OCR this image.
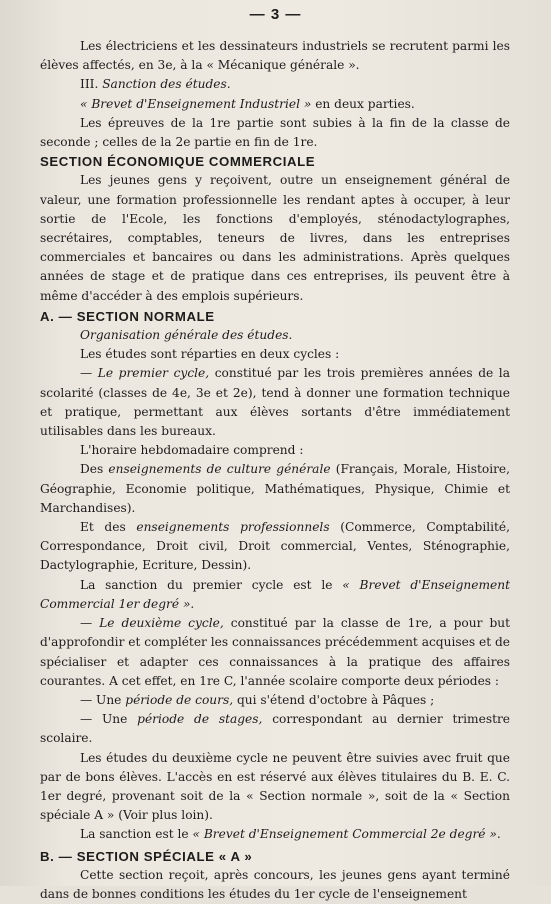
— 3 —

Les électriciens et les dessinateurs industriels se recrutent parmi les élèves affectés, en 3e, à la « Mécanique générale ».

III. Sanction des études.

« Brevet d'Enseignement Industriel » en deux parties.

Les épreuves de la 1re partie sont subies à la fin de la classe de seconde ; celles de la 2e partie en fin de 1re.

SECTION ÉCONOMIQUE COMMERCIALE

Les jeunes gens y reçoivent, outre un enseignement général de valeur, une formation professionnelle les rendant aptes à occuper, à leur sortie de l'Ecole, les fonctions d'employés, sténodactylographes, secrétaires, comptables, teneurs de livres, dans les entreprises commerciales et bancaires ou dans les administrations. Après quelques années de stage et de pratique dans ces entreprises, ils peuvent être à même d'accéder à des emplois supérieurs.

A. — SECTION NORMALE

Organisation générale des études.

Les études sont réparties en deux cycles :

— Le premier cycle, constitué par les trois premières années de la scolarité (classes de 4e, 3e et 2e), tend à donner une formation technique et pratique, permettant aux élèves sortants d'être immédiatement utilisables dans les bureaux.

L'horaire hebdomadaire comprend :

Des enseignements de culture générale (Français, Morale, Histoire, Géographie, Economie politique, Mathématiques, Physique, Chimie et Marchandises).

Et des enseignements professionnels (Commerce, Comptabilité, Correspondance, Droit civil, Droit commercial, Ventes, Sténographie, Dactylographie, Ecriture, Dessin).

La sanction du premier cycle est le « Brevet d'Enseignement Commercial 1er degré ».

— Le deuxième cycle, constitué par la classe de 1re, a pour but d'approfondir et compléter les connaissances précédemment acquises et de spécialiser et adapter ces connaissances à la pratique des affaires courantes. A cet effet, en 1re C, l'année scolaire comporte deux périodes :

— Une période de cours, qui s'étend d'octobre à Pâques ;

— Une période de stages, correspondant au dernier trimestre scolaire.

Les études du deuxième cycle ne peuvent être suivies avec fruit que par de bons élèves. L'accès en est réservé aux élèves titulaires du B. E. C. 1er degré, provenant soit de la « Section normale », soit de la « Section spéciale A » (Voir plus loin).

La sanction est le « Brevet d'Enseignement Commercial 2e degré ».

B. — SECTION SPÉCIALE « A »

Cette section reçoit, après concours, les jeunes gens ayant terminé dans de bonnes conditions les études du 1er cycle de l'enseignement
